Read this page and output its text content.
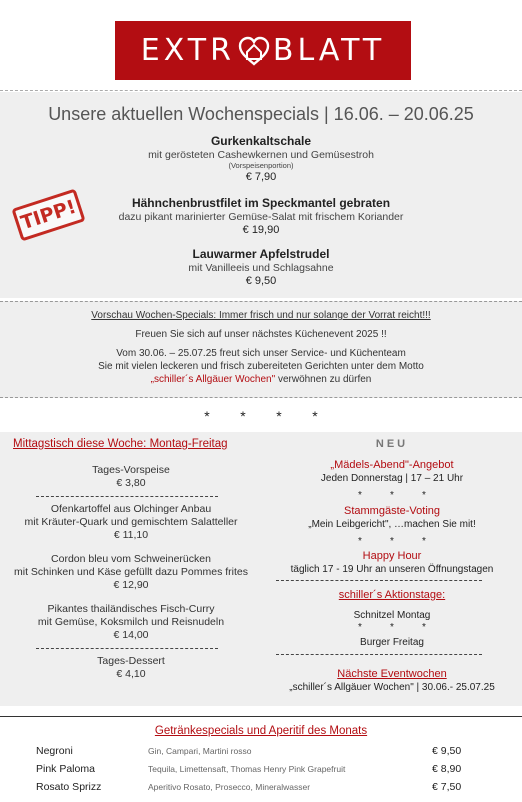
EXTR BLATT
Unsere aktuellen Wochenspecials | 16.06. – 20.06.25
Gurkenkaltschale
mit gerösteten Cashewkernen und Gemüsestroh
(Vorspeisenportion)
€ 7,90
Hähnchenbrustfilet im Speckmantel gebraten
dazu pikant marinierter Gemüse-Salat mit frischem Koriander
€ 19,90
Lauwarmer Apfelstrudel
mit Vanilleeis und Schlagsahne
€ 9,50
TIPP!
Vorschau Wochen-Specials: Immer frisch und nur solange der Vorrat reicht!!!
Freuen Sie sich auf unser nächstes Küchenevent 2025 !!
Vom 30.06. – 25.07.25 freut sich unser Service- und Küchenteam
Sie mit vielen leckeren und frisch zubereiteten Gerichten unter dem Motto
„schiller´s Allgäuer Wochen" verwöhnen zu dürfen
* * * *
Mittagstisch diese Woche: Montag-Freitag
Tages-Vorspeise
€ 3,80
Ofenkartoffel aus Olchinger Anbau
mit Kräuter-Quark und gemischtem Salatteller
€ 11,10
Cordon bleu vom Schweinerücken
mit Schinken und Käse gefüllt dazu Pommes frites
€ 12,90
Pikantes thailändisches Fisch-Curry
mit Gemüse, Koksmilch und Reisnudeln
€ 14,00
Tages-Dessert
€ 4,10
NEU
„Mädels-Abend"-Angebot
Jeden Donnerstag | 17 – 21 Uhr
*	*	*
Stammgäste-Voting
„Mein Leibgericht", …machen Sie mit!
*	*	*
Happy Hour
täglich 17 - 19 Uhr an unseren Öffnungstagen
schiller´s Aktionstage:
Schnitzel Montag
*	*	*
Burger Freitag
Nächste Eventwochen
„schiller´s Allgäuer Wochen" | 30.06.- 25.07.25
Getränkespecials und Aperitif des Monats
Negroni	Gin, Campari, Martini rosso	€ 9,50
Pink Paloma	Tequila, Limettensaft, Thomas Henry Pink Grapefruit	€ 8,90
Rosato Sprizz	Aperitivo Rosato, Prosecco, Mineralwasser	€ 7,50
